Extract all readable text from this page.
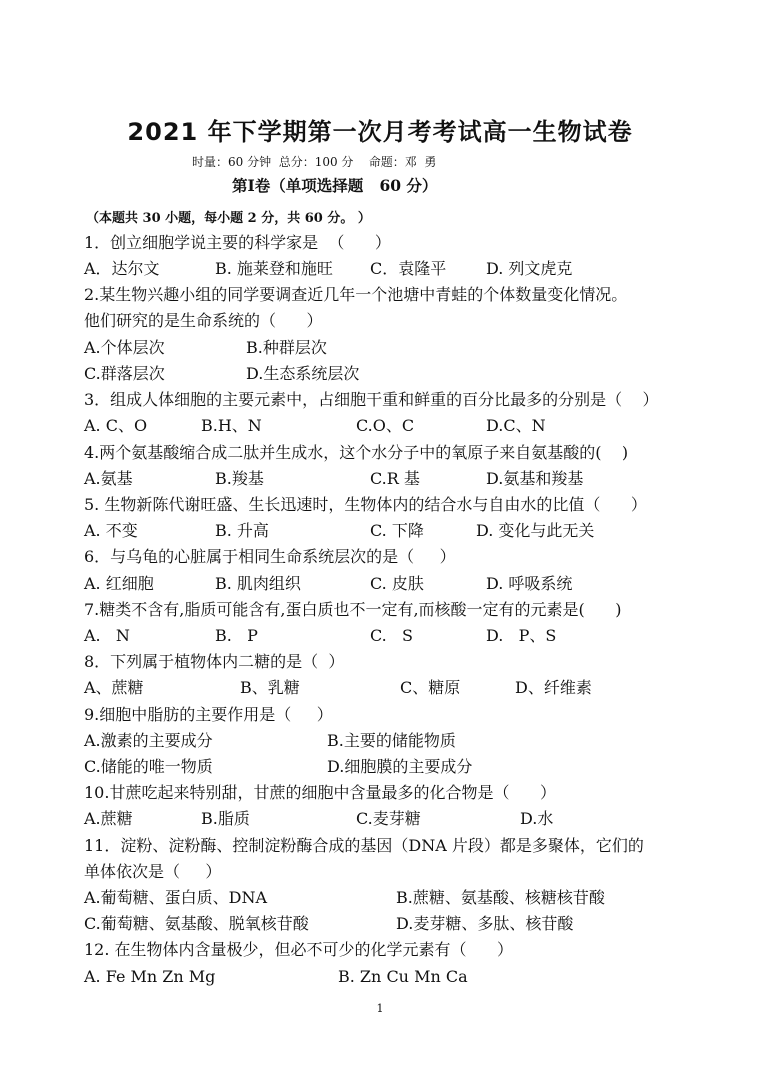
2021 年下学期第一次月考考试高一生物试卷
时量：60 分钟  总分：100 分    命题：邓  勇
第Ⅰ卷（单项选择题   60 分）
（本题共 30 小题，每小题 2 分，共 60 分。 ）
1．创立细胞学说主要的科学家是  （      ）
A．达尔文	B. 施莱登和施旺 C．袁隆平 D. 列文虎克
2.某生物兴趣小组的同学要调查近几年一个池塘中青蛙的个体数量变化情况。
他们研究的是生命系统的（      ）
A.个体层次	B.种群层次
C.群落层次	D.生态系统层次
3．组成人体细胞的主要元素中，占细胞干重和鲜重的百分比最多的分别是（    ）
A. C、O	B.H、N	C.O、C	D.C、N
4.两个氨基酸缩合成二肽并生成水，这个水分子中的氧原子来自氨基酸的(    )
A.氨基	B.羧基	C.R 基	D.氨基和羧基
5. 生物新陈代谢旺盛、生长迅速时，生物体内的结合水与自由水的比值（      ）
A. 不变	B. 升高	C. 下降	D. 变化与此无关
6．与乌龟的心脏属于相同生命系统层次的是（     ）
A. 红细胞	B. 肌肉组织	C. 皮肤	D. 呼吸系统
7.糖类不含有,脂质可能含有,蛋白质也不一定有,而核酸一定有的元素是(      )
A.   N	B.   P	C.   S	D.   P、S
8．下列属于植物体内二糖的是（  ）
A、蔗糖	B、乳糖	C、糖原	D、纤维素
9.细胞中脂肪的主要作用是（     ）
A.激素的主要成分	B.主要的储能物质
C.储能的唯一物质	D.细胞膜的主要成分
10.甘蔗吃起来特别甜，甘蔗的细胞中含量最多的化合物是（      ）
A.蔗糖	B.脂质	C.麦芽糖	D.水
11．淀粉、淀粉酶、控制淀粉酶合成的基因（DNA 片段）都是多聚体，它们的
单体依次是（     ）
A.葡萄糖、蛋白质、DNA	B.蔗糖、氨基酸、核糖核苷酸
C.葡萄糖、氨基酸、脱氧核苷酸	D.麦芽糖、多肽、核苷酸
12. 在生物体内含量极少，但必不可少的化学元素有（      ）
A. Fe Mn Zn Mg	B. Zn Cu Mn Ca
1
